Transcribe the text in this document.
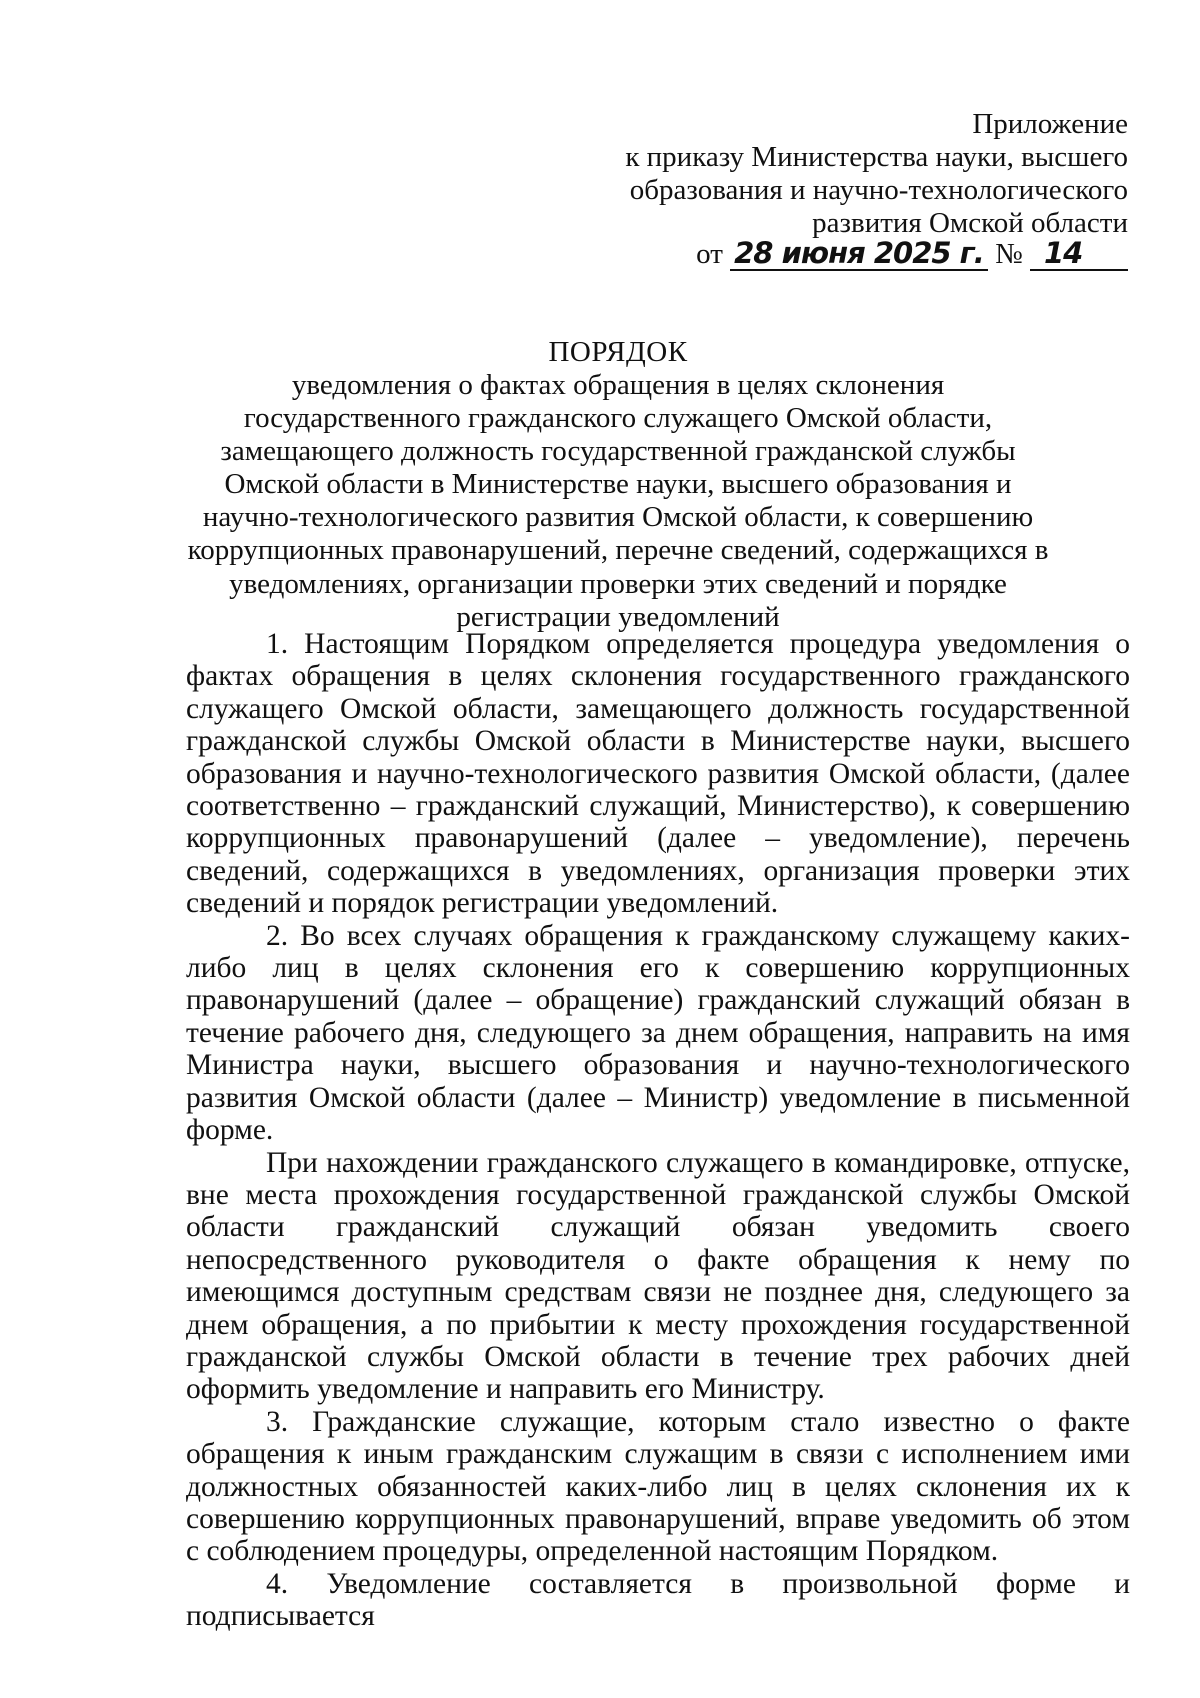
Приложение
к приказу Министерства науки, высшего
образования и научно-технологического
развития Омской области
от 28 июня 2025 г. № 14
ПОРЯДОК
уведомления о фактах обращения в целях склонения государственного гражданского служащего Омской области, замещающего должность государственной гражданской службы Омской области в Министерстве науки, высшего образования и научно-технологического развития Омской области, к совершению коррупционных правонарушений, перечне сведений, содержащихся в уведомлениях, организации проверки этих сведений и порядке регистрации уведомлений

1. Настоящим Порядком определяется процедура уведомления о фактах обращения в целях склонения государственного гражданского служащего Омской области, замещающего должность государственной гражданской службы Омской области в Министерстве науки, высшего образования и научно-технологического развития Омской области, (далее соответственно – гражданский служащий, Министерство), к совершению коррупционных правонарушений (далее – уведомление), перечень сведений, содержащихся в уведомлениях, организация проверки этих сведений и порядок регистрации уведомлений.

2. Во всех случаях обращения к гражданскому служащему каких-либо лиц в целях склонения его к совершению коррупционных правонарушений (далее – обращение) гражданский служащий обязан в течение рабочего дня, следующего за днем обращения, направить на имя Министра науки, высшего образования и научно-технологического развития Омской области (далее – Министр) уведомление в письменной форме.

При нахождении гражданского служащего в командировке, отпуске, вне места прохождения государственной гражданской службы Омской области гражданский служащий обязан уведомить своего непосредственного руководителя о факте обращения к нему по имеющимся доступным средствам связи не позднее дня, следующего за днем обращения, а по прибытии к месту прохождения государственной гражданской службы Омской области в течение трех рабочих дней оформить уведомление и направить его Министру.

3. Гражданские служащие, которым стало известно о факте обращения к иным гражданским служащим в связи с исполнением ими должностных обязанностей каких-либо лиц в целях склонения их к совершению коррупционных правонарушений, вправе уведомить об этом с соблюдением процедуры, определенной настоящим Порядком.

4. Уведомление составляется в произвольной форме и подписывается
